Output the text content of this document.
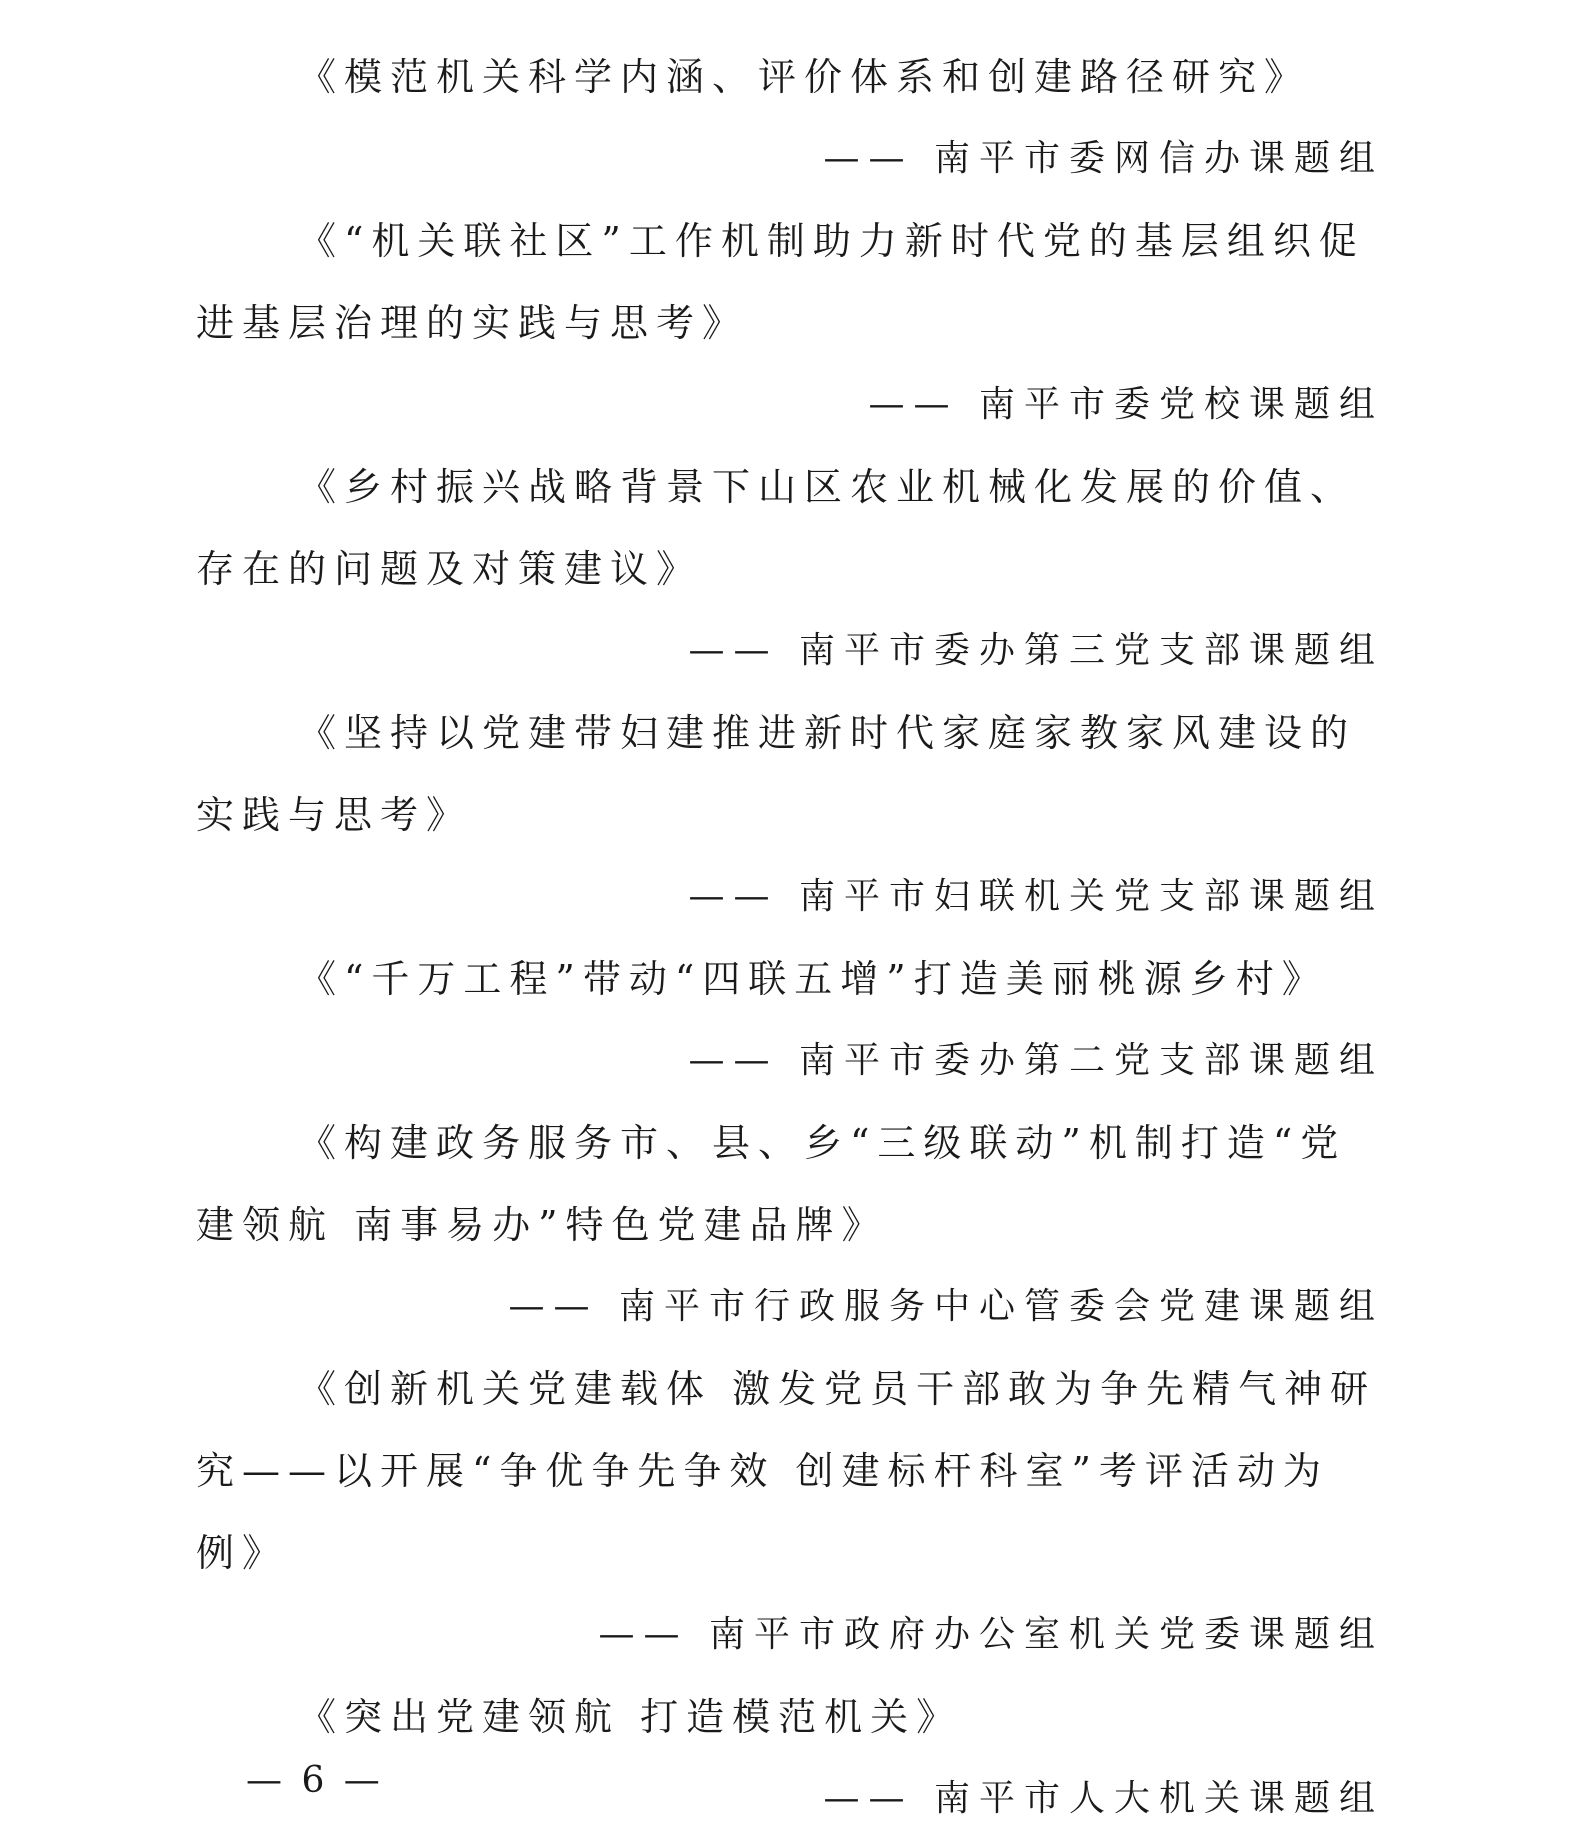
《模范机关科学内涵、评价体系和创建路径研究》

—— 南平市委网信办课题组

《“机关联社区”工作机制助力新时代党的基层组织促进基层治理的实践与思考》

—— 南平市委党校课题组

《乡村振兴战略背景下山区农业机械化发展的价值、存在的问题及对策建议》

—— 南平市委办第三党支部课题组

《坚持以党建带妇建推进新时代家庭家教家风建设的实践与思考》

—— 南平市妇联机关党支部课题组

《“千万工程”带动“四联五增”打造美丽桃源乡村》

—— 南平市委办第二党支部课题组

《构建政务服务市、县、乡“三级联动”机制打造“党建领航 南事易办”特色党建品牌》

—— 南平市行政服务中心管委会党建课题组

《创新机关党建载体 激发党员干部敢为争先精气神研究——以开展“争优争先争效 创建标杆科室”考评活动为例》

—— 南平市政府办公室机关党委课题组

《突出党建领航 打造模范机关》

—— 南平市人大机关课题组

— 6 —
